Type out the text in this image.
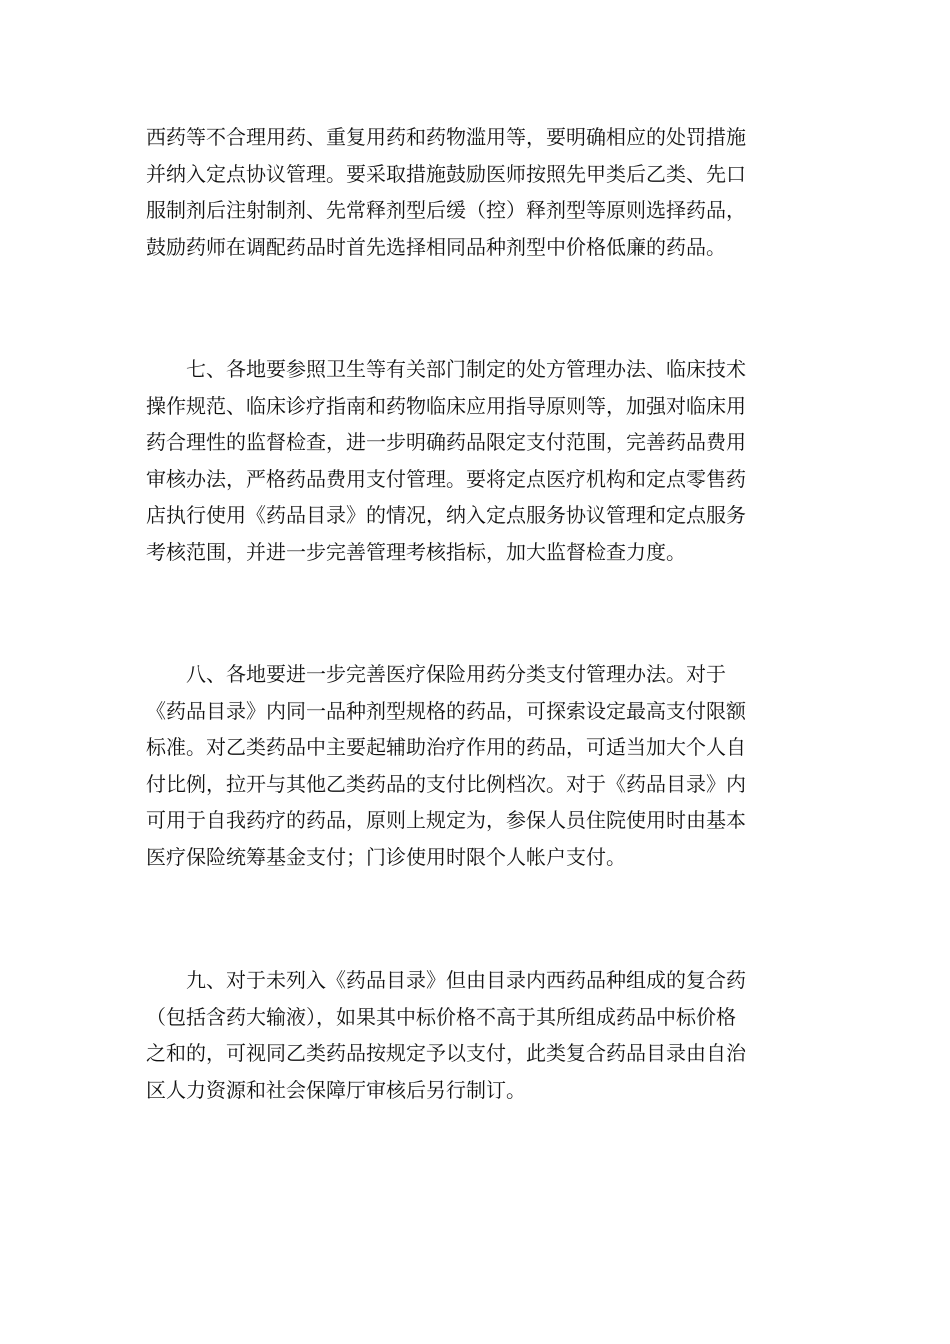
西药等不合理用药、重复用药和药物滥用等，要明确相应的处罚措施
并纳入定点协议管理。要采取措施鼓励医师按照先甲类后乙类、先口
服制剂后注射制剂、先常释剂型后缓（控）释剂型等原则选择药品，
鼓励药师在调配药品时首先选择相同品种剂型中价格低廉的药品。

七、各地要参照卫生等有关部门制定的处方管理办法、临床技术
操作规范、临床诊疗指南和药物临床应用指导原则等，加强对临床用
药合理性的监督检查，进一步明确药品限定支付范围，完善药品费用
审核办法，严格药品费用支付管理。要将定点医疗机构和定点零售药
店执行使用《药品目录》的情况，纳入定点服务协议管理和定点服务
考核范围，并进一步完善管理考核指标，加大监督检查力度。

八、各地要进一步完善医疗保险用药分类支付管理办法。对于
《药品目录》内同一品种剂型规格的药品，可探索设定最高支付限额
标准。对乙类药品中主要起辅助治疗作用的药品，可适当加大个人自
付比例，拉开与其他乙类药品的支付比例档次。对于《药品目录》内
可用于自我药疗的药品，原则上规定为，参保人员住院使用时由基本
医疗保险统筹基金支付；门诊使用时限个人帐户支付。

九、对于未列入《药品目录》但由目录内西药品种组成的复合药
（包括含药大输液），如果其中标价格不高于其所组成药品中标价格
之和的，可视同乙类药品按规定予以支付，此类复合药品目录由自治
区人力资源和社会保障厅审核后另行制订。
